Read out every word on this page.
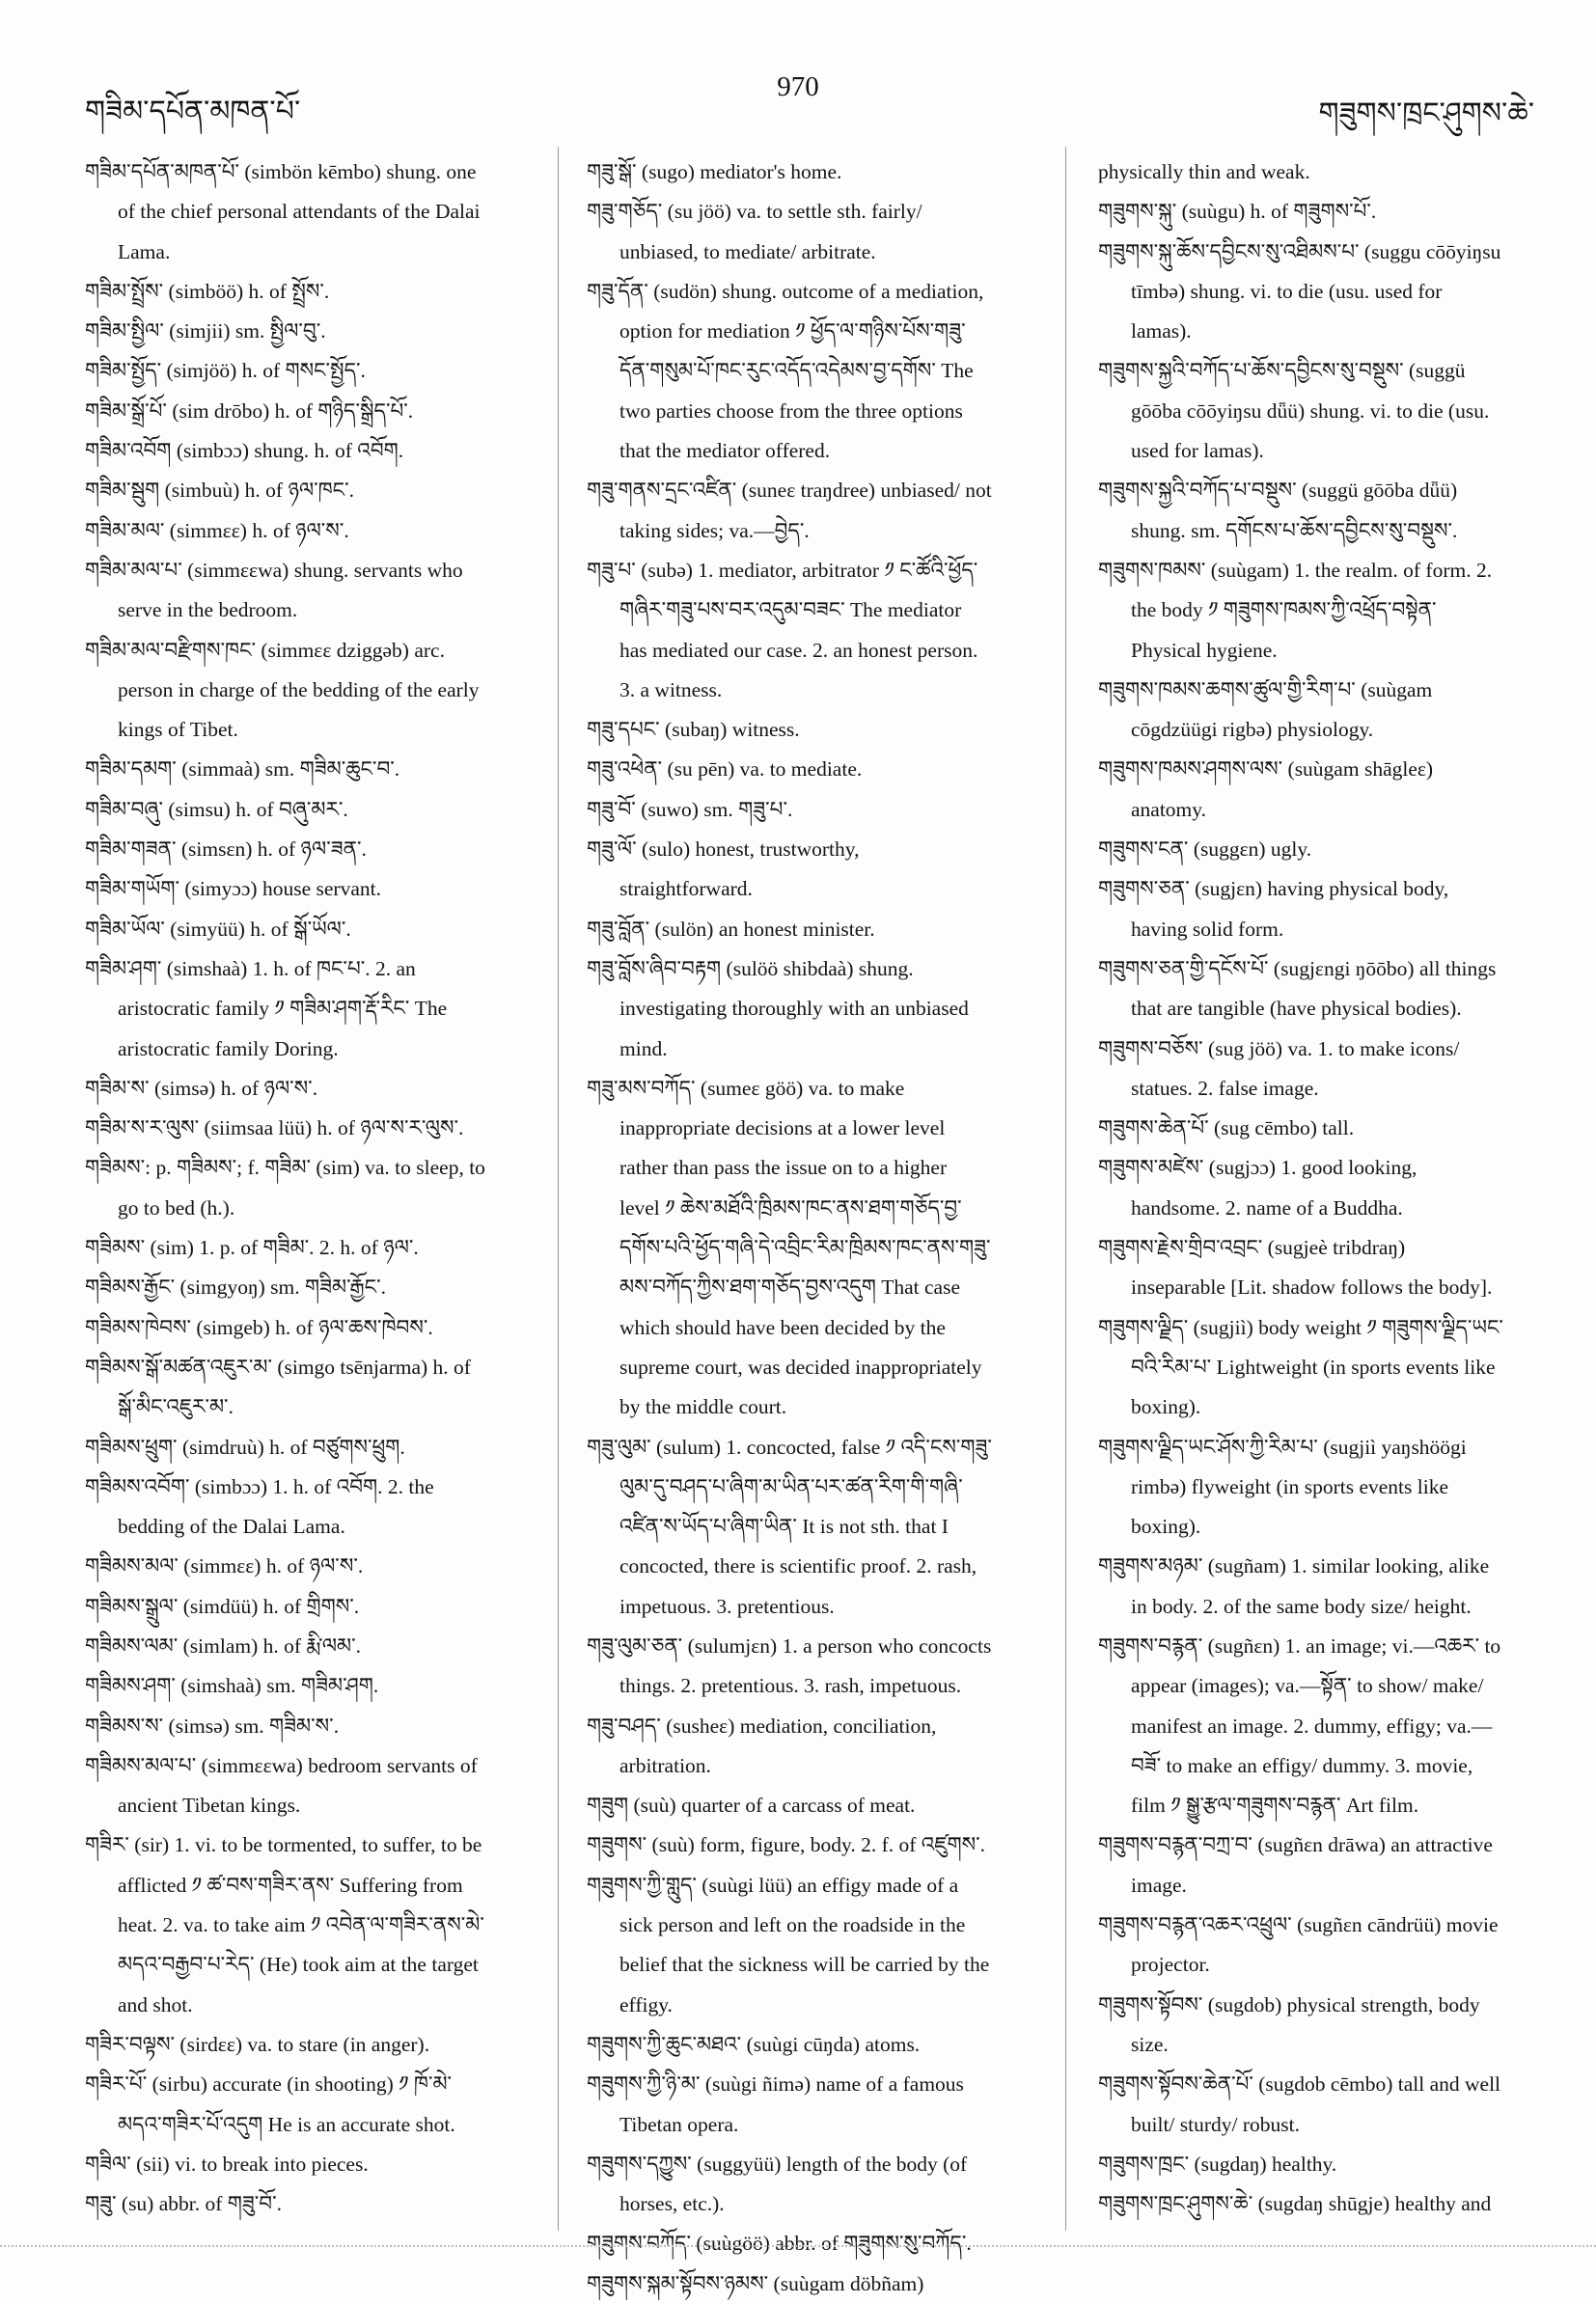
གཟིམ་དཔོན་མཁན་པོ་
970
གཟུགས་ཁྲང་ཤུགས་ཆེ་

གཟིམ་དཔོན་མཁན་པོ་ (simbön kēmbo) shung. one of the chief personal attendants of the Dalai Lama.

གཟིམ་སྤྲོས་ (simböö) h. of སྤྲོས་.

གཟིམ་སྤྱིལ་ (simjii) sm. སྤྱིལ་བུ་.

གཟིམ་སྤྱོད་ (simjöö) h. of གསང་སྤྱོད་.

གཟིམ་སྒྲོ་པོ་ (sim drōbo) h. of གཉིད་སྒྲིད་པོ་.

གཟིམ་འབོག (simbɔɔ) shung. h. of འབོག.

གཟིམ་སྦུག (simbuù) h. of ཉལ་ཁང་.

གཟིམ་མལ་ (simmɛɛ) h. of ཉལ་ས་.

གཟིམ་མལ་པ་ (simmɛɛwa) shung. servants who serve in the bedroom.

གཟིམ་མལ་བརྫིགས་ཁང་ (simmɛɛ dziggəb) arc. person in charge of the bedding of the early kings of Tibet.

གཟིམ་དམག་ (simmaà) sm. གཟིམ་ཆུང་བ་.

གཟིམ་བཞུ་ (simsu) h. of བཞུ་མར་.

གཟིམ་གཟན་ (simsɛn) h. of ཉལ་ཟན་.

གཟིམ་གཡོག་ (simyɔɔ) house servant.

གཟིམ་ཡོལ་ (simyüü) h. of སྒོ་ཡོལ་.

གཟིམ་ཤག་ (simshaà) 1. h. of ཁང་པ་. 2. an aristocratic family ༡ གཟིམ་ཤག་རྡོ་རིང་ The aristocratic family Doring.

གཟིམ་ས་ (simsə) h. of ཉལ་ས་.

གཟིམ་ས་ར་ལུས་ (siimsaa lüü) h. of ཉལ་ས་ར་ལུས་.

གཟིམས་: p. གཟིམས་; f. གཟིམ་ (sim) va. to sleep, to go to bed (h.).

གཟིམས་ (sim) 1. p. of གཟིམ་. 2. h. of ཉལ་.

གཟིམས་རྒྱོང་ (simgyoŋ) sm. གཟིམ་རྒྱོང་.

གཟིམས་ཁེབས་ (simgeb) h. of ཉལ་ཆས་ཁེབས་.

གཟིམས་སྒོ་མཚན་འཇུར་མ་ (simgo tsēnjarma) h. of སྒོ་མིང་འཇུར་མ་.

གཟིམས་ཕྲུག་ (simdruù) h. of བཙུགས་ཕྲུག.

གཟིམས་འབོག་ (simbɔɔ) 1. h. of འབོག. 2. the bedding of the Dalai Lama.

གཟིམས་མལ་ (simmɛɛ) h. of ཉལ་ས་.

གཟིམས་སྒྲུལ་ (simdüü) h. of གྲིགས་.

གཟིམས་ལམ་ (simlam) h. of རྨི་ལམ་.

གཟིམས་ཤག་ (simshaà) sm. གཟིམ་ཤག.

གཟིམས་ས་ (simsə) sm. གཟིམ་ས་.

གཟིམས་མལ་པ་ (simmɛɛwa) bedroom servants of ancient Tibetan kings.

གཟིར་ (sir) 1. vi. to be tormented, to suffer, to be afflicted ༡ ཚ་བས་གཟིར་ནས་ Suffering from heat. 2. va. to take aim ༡ འབེན་ལ་གཟིར་ནས་མེ་མདའ་བརྒྱབ་པ་རེད་ (He) took aim at the target and shot.

གཟིར་བལྟས་ (sirdɛɛ) va. to stare (in anger).

གཟིར་པོ་ (sirbu) accurate (in shooting) ༡ ཁོ་མེ་མདའ་གཟིར་པོ་འདུག He is an accurate shot.

གཟིལ་ (sii) vi. to break into pieces.

གཟུ་ (su) abbr. of གཟུ་བོ་.

གཟུ་སྒོ་ (sugo) mediator's home.

གཟུ་གཅོད་ (su jöö) va. to settle sth. fairly/ unbiased, to mediate/ arbitrate.

གཟུ་དོན་ (sudön) shung. outcome of a mediation, option for mediation ༡ ཕྱོད་ལ་གཉིས་པོས་གཟུ་དོན་གསུམ་པོ་ཁང་རུང་འདོད་འདེམས་བྱ་དགོས་ The two parties choose from the three options that the mediator offered.

གཟུ་གནས་དྲང་འཛིན་ (suneɛ traŋdree) unbiased/ not taking sides; va.—བྱེད་.

གཟུ་པ་ (subə) 1. mediator, arbitrator ༡ ང་ཚོའི་ཕྱོད་གཞིར་གཟུ་པས་བར་འདུམ་བཟང་ The mediator has mediated our case. 2. an honest person. 3. a witness.

གཟུ་དཔང་ (subaŋ) witness.

གཟུ་འཕེན་ (su pēn) va. to mediate.

གཟུ་བོ་ (suwo) sm. གཟུ་པ་.

གཟུ་ལོ་ (sulo) honest, trustworthy, straightforward.

གཟུ་བློན་ (sulön) an honest minister.

གཟུ་བློས་ཞིབ་བརྟག (sulöö shibdaà) shung. investigating thoroughly with an unbiased mind.

གཟུ་མས་བཀོད་ (sumeɛ göö) va. to make inappropriate decisions at a lower level rather than pass the issue on to a higher level ༡ ཆེས་མཐོའི་ཁྲིམས་ཁང་ནས་ཐག་གཅོད་བྱ་དགོས་པའི་ཕྱོད་གཞི་དེ་འབྲིང་རིམ་ཁྲིམས་ཁང་ནས་གཟུ་མས་བཀོད་ཀྱིས་ཐག་གཅོད་བྱས་འདུག That case which should have been decided by the supreme court, was decided inappropriately by the middle court.

གཟུ་ལུམ་ (sulum) 1. concocted, false ༡ འདི་ངས་གཟུ་ལུམ་དུ་བཤད་པ་ཞིག་མ་ཡིན་པར་ཚན་རིག་གི་གཞི་འཛིན་ས་ཡོད་པ་ཞིག་ཡིན་ It is not sth. that I concocted, there is scientific proof. 2. rash, impetuous. 3. pretentious.

གཟུ་ལུམ་ཅན་ (sulumjɛn) 1. a person who concocts things. 2. pretentious. 3. rash, impetuous.

གཟུ་བཤད་ (susheɛ) mediation, conciliation, arbitration.

གཟུག (suù) quarter of a carcass of meat.

གཟུགས་ (suù) form, figure, body. 2. f. of འཛུགས་.

གཟུགས་ཀྱི་གླུད་ (suùgi lüü) an effigy made of a sick person and left on the roadside in the belief that the sickness will be carried by the effigy.

གཟུགས་ཀྱི་ཆུང་མཐའ་ (suùgi cūŋda) atoms.

གཟུགས་ཀྱི་ཉི་མ་ (suùgi ñimə) name of a famous Tibetan opera.

གཟུགས་དཀྱུས་ (suggyüü) length of the body (of horses, etc.).

གཟུགས་བཀོད་ (suùgöö) abbr. of གཟུགས་སུ་བཀོད་.

གཟུགས་སྐམ་སྟོབས་ཉམས་ (suùgam döbñam)

physically thin and weak.

གཟུགས་སྐུ་ (suùgu) h. of གཟུགས་པོ་.

གཟུགས་སྐུ་ཆོས་དབྱིངས་སུ་འཐིམས་པ་ (suggu cōōyiŋsu tīmbə) shung. vi. to die (usu. used for lamas).

གཟུགས་སྐྱའི་བཀོད་པ་ཆོས་དབྱིངས་སུ་བསྡུས་ (suggü gōōba cōōyiŋsu dǖü) shung. vi. to die (usu. used for lamas).

གཟུགས་སྐྱའི་བཀོད་པ་བསྡུས་ (suggü gōōba dǖü) shung. sm. དགོངས་པ་ཆོས་དབྱིངས་སུ་བསྡུས་.

གཟུགས་ཁམས་ (suùgam) 1. the realm. of form. 2. the body ༡ གཟུགས་ཁམས་ཀྱི་འཕྲོད་བསྟེན་ Physical hygiene.

གཟུགས་ཁམས་ཆགས་ཚུལ་གྱི་རིག་པ་ (suùgam cōgdzüügi rigbə) physiology.

གཟུགས་ཁམས་ཤགས་ལས་ (suùgam shāgleɛ) anatomy.

གཟུགས་ངན་ (suggɛn) ugly.

གཟུགས་ཅན་ (sugjɛn) having physical body, having solid form.

གཟུགས་ཅན་གྱི་དངོས་པོ་ (sugjɛngi ŋōōbo) all things that are tangible (have physical bodies).

གཟུགས་བཅོས་ (sug jöö) va. 1. to make icons/ statues. 2. false image.

གཟུགས་ཆེན་པོ་ (sug cēmbo) tall.

གཟུགས་མཛེས་ (sugjɔɔ) 1. good looking, handsome. 2. name of a Buddha.

གཟུགས་རྗེས་གྲིབ་འབྲང་ (sugjeè tribdraŋ) inseparable [Lit. shadow follows the body].

གཟུགས་ལྗིད་ (sugjiì) body weight ༡ གཟུགས་ལྗིད་ཡང་བའི་རིམ་པ་ Lightweight (in sports events like boxing).

གཟུགས་ལྗིད་ཡང་ཤོས་ཀྱི་རིམ་པ་ (sugjiì yaŋshöögi rimbə) flyweight (in sports events like boxing).

གཟུགས་མཉམ་ (sugñam) 1. similar looking, alike in body. 2. of the same body size/ height.

གཟུགས་བརྙན་ (sugñɛn) 1. an image; vi.—འཆར་ to appear (images); va.—སྟོན་ to show/ make/ manifest an image. 2. dummy, effigy; va.—བཟོ་ to make an effigy/ dummy. 3. movie, film ༡ སྒྱུ་རྩལ་གཟུགས་བརྙན་ Art film.

གཟུགས་བརྙན་བཀྲ་བ་ (sugñɛn drāwa) an attractive image.

གཟུགས་བརྙན་འཆར་འཕྲུལ་ (sugñɛn cāndrüü) movie projector.

གཟུགས་སྟོབས་ (sugdob) physical strength, body size.

གཟུགས་སྟོབས་ཆེན་པོ་ (sugdob cēmbo) tall and well built/ sturdy/ robust.

གཟུགས་ཁྲང་ (sugdaŋ) healthy.

གཟུགས་ཁྲང་ཤུགས་ཆེ་ (sugdaŋ shūgje) healthy and
